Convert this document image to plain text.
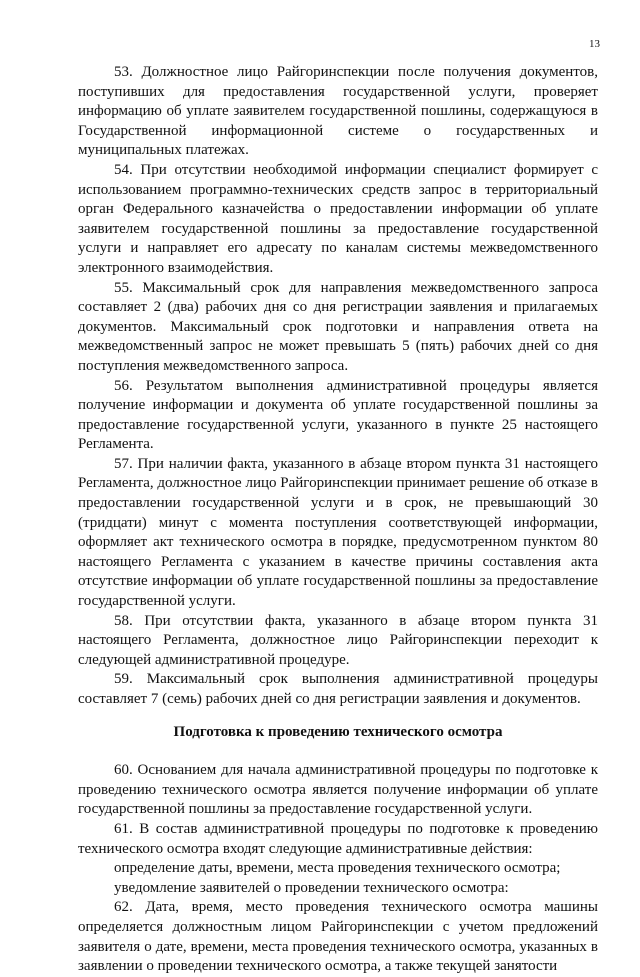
13

53. Должностное лицо Райгоринспекции после получения документов, поступивших для предоставления государственной услуги, проверяет информацию об уплате заявителем государственной пошлины, содержащуюся в Государственной информационной системе о государственных и муниципальных платежах.

54. При отсутствии необходимой информации специалист формирует с использованием программно-технических средств запрос в территориальный орган Федерального казначейства о предоставлении информации об уплате заявителем государственной пошлины за предоставление государственной услуги и направляет его адресату по каналам системы межведомственного электронного взаимодействия.

55. Максимальный срок для направления межведомственного запроса составляет 2 (два) рабочих дня со дня регистрации заявления и прилагаемых документов. Максимальный срок подготовки и направления ответа на межведомственный запрос не может превышать 5 (пять) рабочих дней со дня поступления межведомственного запроса.

56. Результатом выполнения административной процедуры является получение информации и документа об уплате государственной пошлины за предоставление государственной услуги, указанного в пункте 25 настоящего Регламента.

57. При наличии факта, указанного в абзаце втором пункта 31 настоящего Регламента, должностное лицо Райгоринспекции принимает решение об отказе в предоставлении государственной услуги и в срок, не превышающий 30 (тридцати) минут с момента поступления соответствующей информации, оформляет акт технического осмотра в порядке, предусмотренном пунктом 80 настоящего Регламента с указанием в качестве причины составления акта отсутствие информации об уплате государственной пошлины за предоставление государственной услуги.

58. При отсутствии факта, указанного в абзаце втором пункта 31 настоящего Регламента, должностное лицо Райгоринспекции переходит к следующей административной процедуре.

59. Максимальный срок выполнения административной процедуры составляет 7 (семь) рабочих дней со дня регистрации заявления и документов.

Подготовка к проведению технического осмотра

60. Основанием для начала административной процедуры по подготовке к проведению технического осмотра является получение информации об уплате государственной пошлины за предоставление государственной услуги.

61. В состав административной процедуры по подготовке к проведению технического осмотра входят следующие административные действия:

определение даты, времени, места проведения технического осмотра;

уведомление заявителей о проведении технического осмотра:

62. Дата, время, место проведения технического осмотра машины определяется должностным лицом Райгоринспекции с учетом предложений заявителя о дате, времени, места проведения технического осмотра, указанных в заявлении о проведении технического осмотра, а также текущей занятости
